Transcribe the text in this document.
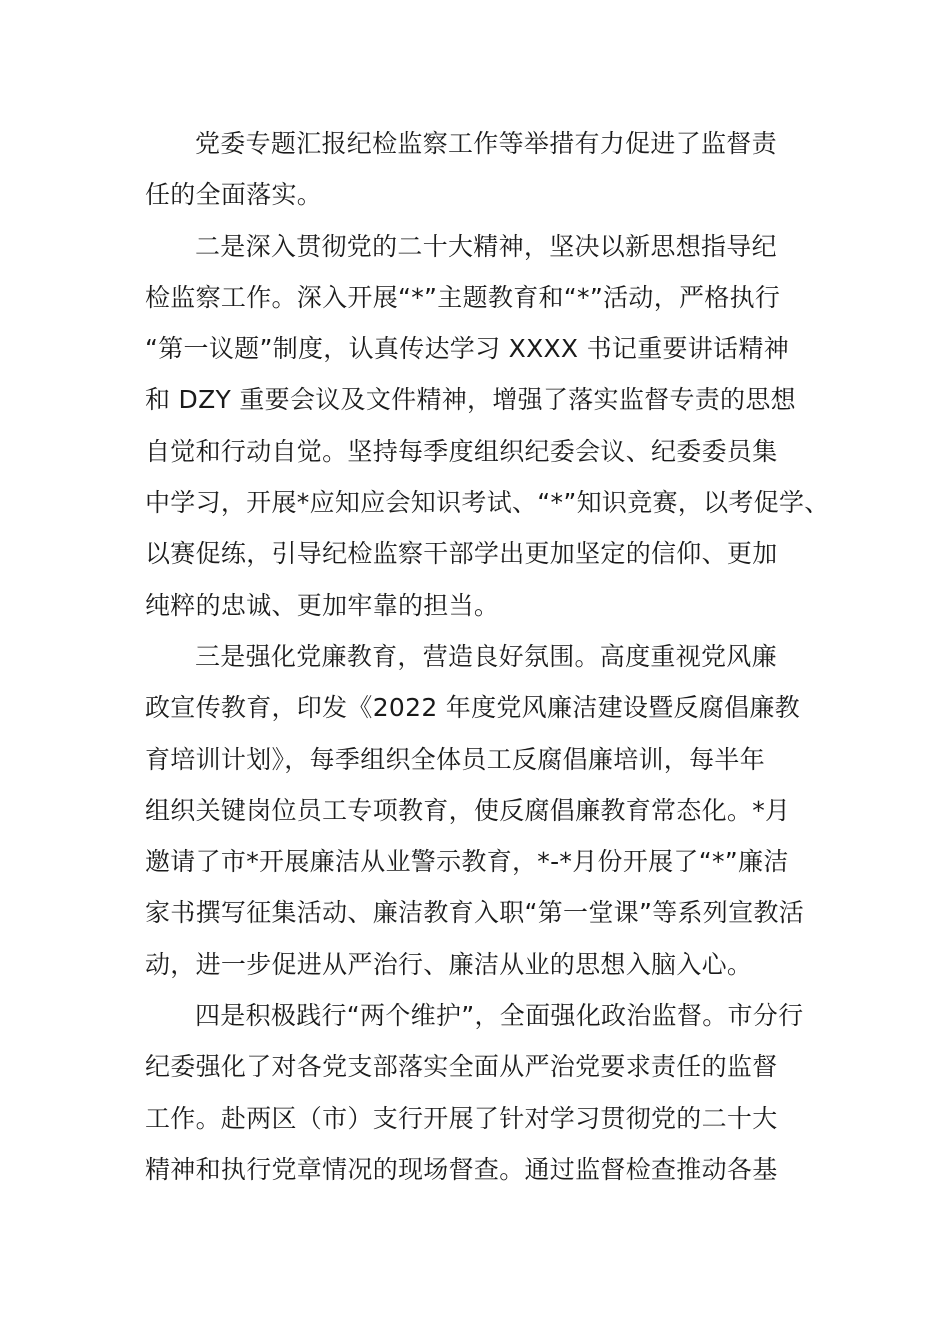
党委专题汇报纪检监察工作等举措有力促进了监督责
任的全面落实。
二是深入贯彻党的二十大精神，坚决以新思想指导纪
检监察工作。深入开展“*”主题教育和“*”活动，严格执行
“第一议题”制度，认真传达学习 XXXX 书记重要讲话精神
和 DZY 重要会议及文件精神，增强了落实监督专责的思想
自觉和行动自觉。坚持每季度组织纪委会议、纪委委员集
中学习，开展*应知应会知识考试、“*”知识竞赛，以考促学、
以赛促练，引导纪检监察干部学出更加坚定的信仰、更加
纯粹的忠诚、更加牢靠的担当。
三是强化党廉教育，营造良好氛围。高度重视党风廉
政宣传教育，印发《2022 年度党风廉洁建设暨反腐倡廉教
育培训计划》，每季组织全体员工反腐倡廉培训，每半年
组织关键岗位员工专项教育，使反腐倡廉教育常态化。*月
邀请了市*开展廉洁从业警示教育，*-*月份开展了“*”廉洁
家书撰写征集活动、廉洁教育入职“第一堂课”等系列宣教活
动，进一步促进从严治行、廉洁从业的思想入脑入心。
四是积极践行“两个维护”，全面强化政治监督。市分行
纪委强化了对各党支部落实全面从严治党要求责任的监督
工作。赴两区（市）支行开展了针对学习贯彻党的二十大
精神和执行党章情况的现场督查。通过监督检查推动各基
